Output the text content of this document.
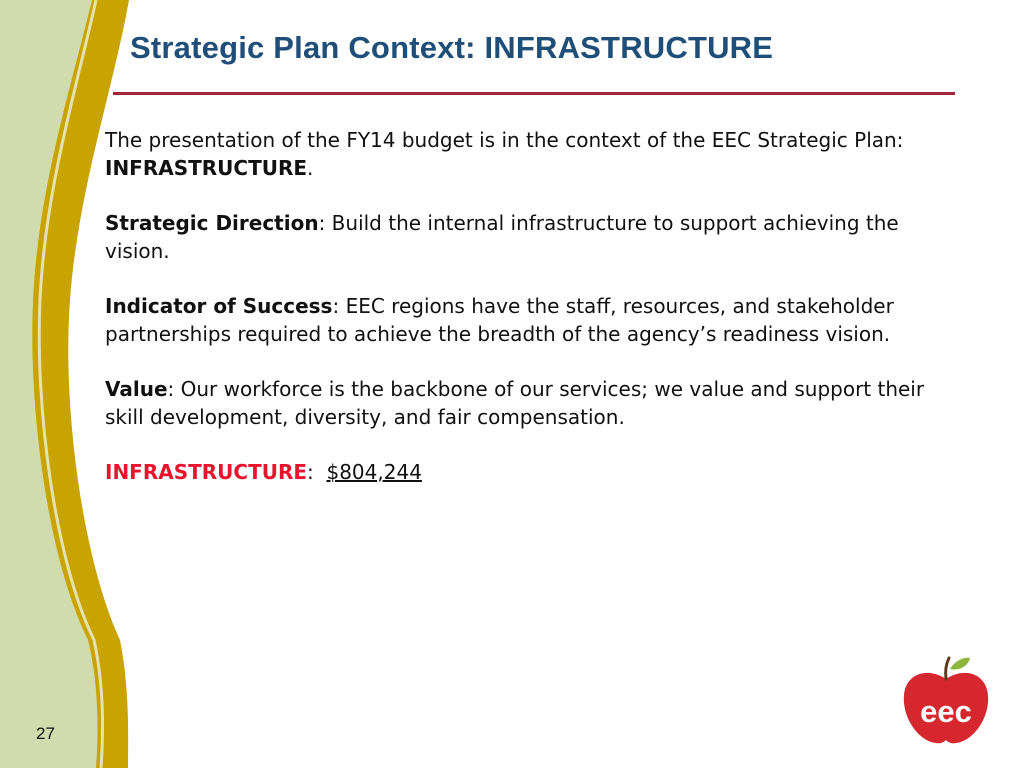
Strategic Plan Context: INFRASTRUCTURE

The presentation of the FY14 budget is in the context of the EEC Strategic Plan: INFRASTRUCTURE.

Strategic Direction: Build the internal infrastructure to support achieving the vision.

Indicator of Success: EEC regions have the staff, resources, and stakeholder partnerships required to achieve the breadth of the agency’s readiness vision.

Value: Our workforce is the backbone of our services; we value and support their skill development, diversity, and fair compensation.

INFRASTRUCTURE:  $804,244

27
eec
